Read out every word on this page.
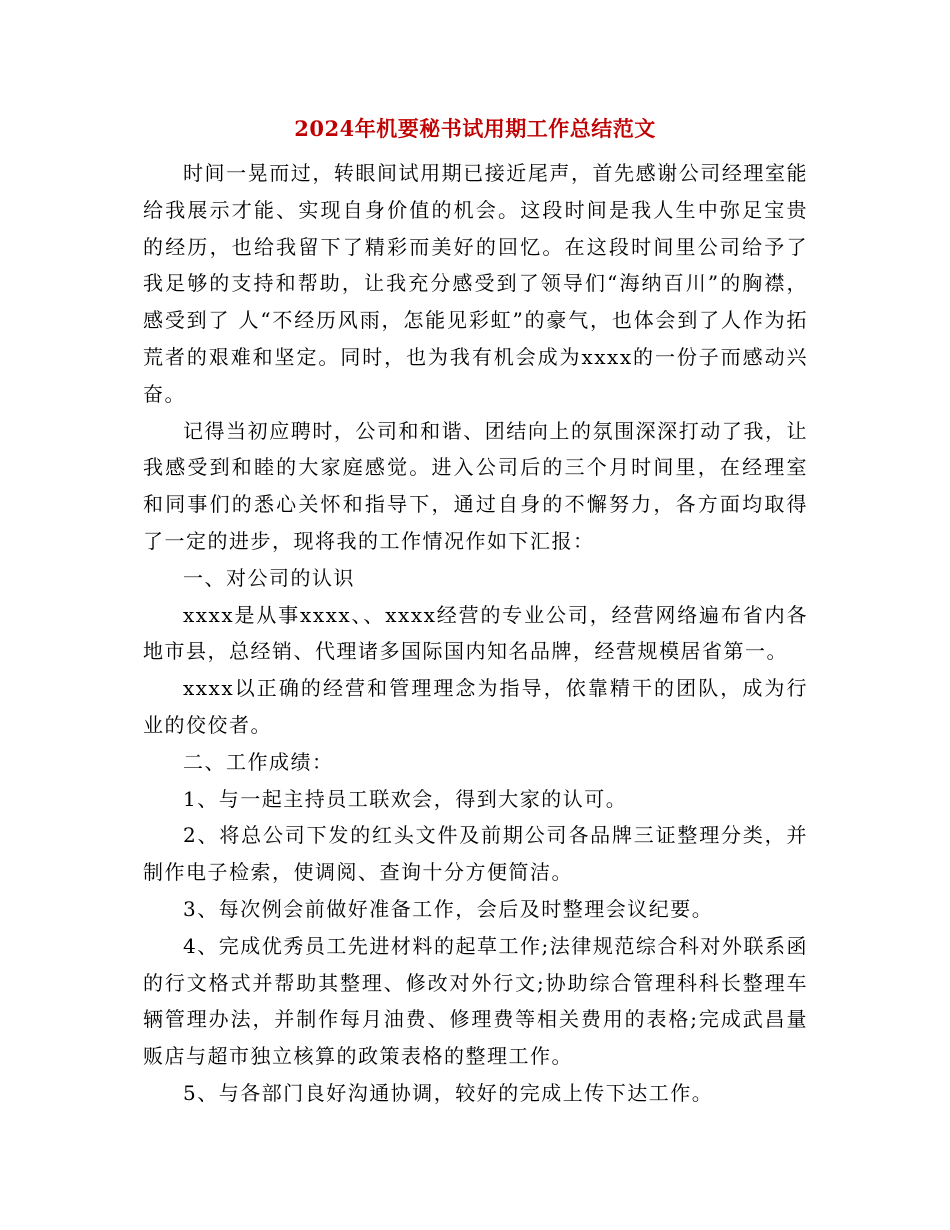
2024年机要秘书试用期工作总结范文

时间一晃而过，转眼间试用期已接近尾声，首先感谢公司经理室能给我展示才能、实现自身价值的机会。这段时间是我人生中弥足宝贵的经历，也给我留下了精彩而美好的回忆。在这段时间里公司给予了我足够的支持和帮助，让我充分感受到了领导们“海纳百川”的胸襟，感受到了 人“不经历风雨，怎能见彩虹”的豪气，也体会到了人作为拓荒者的艰难和坚定。同时，也为我有机会成为xxxx的一份子而感动兴奋。

记得当初应聘时，公司和和谐、团结向上的氛围深深打动了我，让我感受到和睦的大家庭感觉。进入公司后的三个月时间里，在经理室和同事们的悉心关怀和指导下，通过自身的不懈努力，各方面均取得了一定的进步，现将我的工作情况作如下汇报：

一、对公司的认识

xxxx是从事xxxx、、xxxx经营的专业公司，经营网络遍布省内各地市县，总经销、代理诸多国际国内知名品牌，经营规模居省第一。

xxxx以正确的经营和管理理念为指导，依靠精干的团队，成为行业的佼佼者。

二、工作成绩：

1、与一起主持员工联欢会，得到大家的认可。

2、将总公司下发的红头文件及前期公司各品牌三证整理分类，并制作电子检索，使调阅、查询十分方便简洁。

3、每次例会前做好准备工作，会后及时整理会议纪要。

4、完成优秀员工先进材料的起草工作;法律规范综合科对外联系函的行文格式并帮助其整理、修改对外行文;协助综合管理科科长整理车辆管理办法，并制作每月油费、修理费等相关费用的表格;完成武昌量贩店与超市独立核算的政策表格的整理工作。

5、与各部门良好沟通协调，较好的完成上传下达工作。
